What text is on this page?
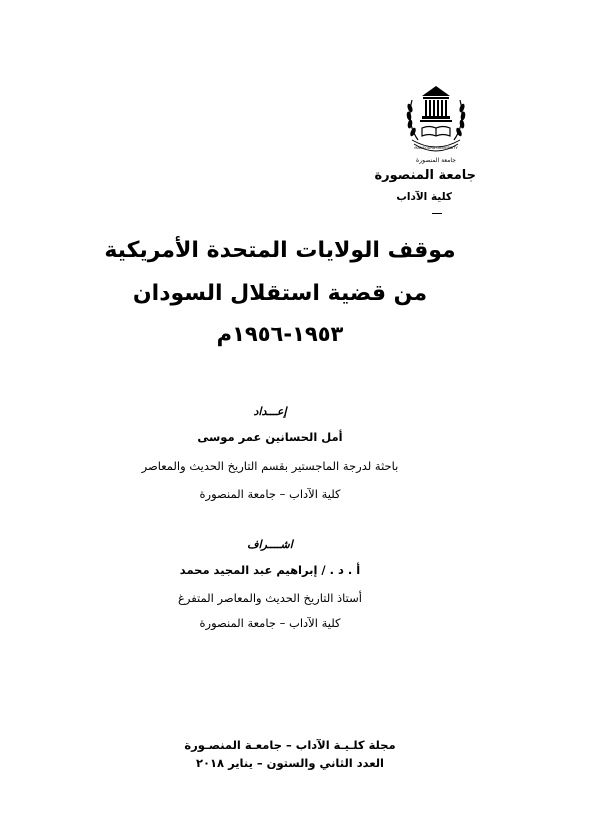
MANSOURA UNIVERSITY
جامعة المنصورة
جامعة المنصورة
كلية الآداب
موقف الولايات المتحدة الأمريكية
من قضية استقلال السودان
١٩٥٣-١٩٥٦م
إعـــداد
أمل الحسانين عمر موسى
باحثة لدرجة الماجستير بقسم التاريخ الحديث والمعاصر
كلية الآداب – جامعة المنصورة
اشــــراف
أ . د . / إبراهيم عبد المجيد محمد
أستاذ التاريخ الحديث والمعاصر المتفرغ
كلية الآداب – جامعة المنصورة
مجلة كلـيـة الآداب – جامعـة المنصـورة
العدد الثاني والستون – يناير ٢٠١٨
